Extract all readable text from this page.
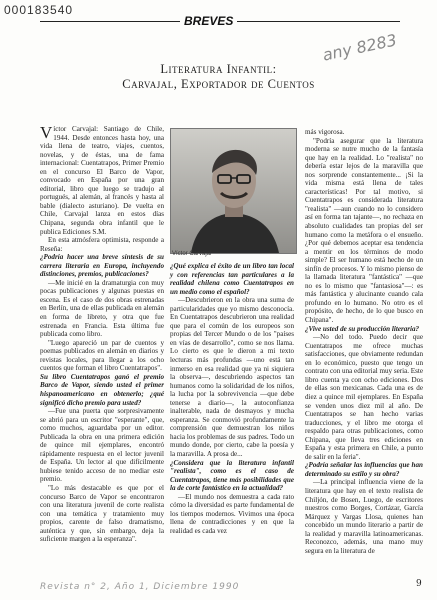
000183540
BREVES
any 8283
Literatura Infantil:
Carvajal, Exportador de Cuentos

Víctor Carvajal: Santiago de Chile, 1944. Desde entonces hasta hoy, una vida llena de teatro, viajes, cuentos, novelas, y de éstas, una de fama internacional: Cuentatrapos, Primer Premio en el concurso El Barco de Vapor, convocado en España por una gran editorial, libro que luego se tradujo al portugués, al alemán, al francés y hasta al bable (dialecto asturiano). De vuelta en Chile, Carvajal lanza en estos días Chipana, segunda obra infantil que le publica Ediciones S.M.

En esta atmósfera optimista, responde a Reseña:

¿Podría hacer una breve síntesis de su carrera literaria en Europa, incluyendo distinciones, premios, publicaciones?

—Me inicié en la dramaturgia con muy pocas publicaciones y algunas puestas en escena. Es el caso de dos obras estrenadas en Berlín, una de ellas publicada en alemán en forma de libreto, y otra que fue estrenada en Francia. Esta última fue publicada como libro.

"Luego apareció un par de cuentos y poemas publicados en alemán en diarios y revistas locales, para llegar a los ocho cuentos que forman el libro Cuentatrapos".

Su libro Cuentatrapos ganó el premio Barco de Vapor, siendo usted el primer hispanoamericano en obtenerlo; ¿qué significó dicho premio para usted?

—Fue una puerta que sorpresivamente se abrió para un escritor "esperante", que, como muchos, aguardaba por un editor. Publicada la obra en una primera edición de quince mil ejemplares, encontró rápidamente respuesta en el lector juvenil de España. Un lector al que difícilmente hubiese tenido acceso de no mediar este premio.

"Lo más destacable es que por el concurso Barco de Vapor se encontraron con una literatura juvenil de corte realista con una temática y tratamiento muy propios, carente de falso dramatismo, auténtica y que, sin embargo, deja la suficiente margen a la esperanza".

Víctor Carvajal

¿Qué explica el éxito de un libro tan local y con referencias tan particulares a la realidad chilena como Cuentatrapos en un medio como el español?

—Descubrieron en la obra una suma de particularidades que yo mismo desconocía. En Cuentatrapos descubrieron una realidad que para el común de los europeos son propias del Tercer Mundo o de los "países en vías de desarrollo", como se nos llama. Lo cierto es que le dieron a mi texto lecturas más profundas —uno está tan inmerso en esa realidad que ya ni siquiera la observa—, descubriendo aspectos tan humanos como la solidaridad de los niños, la lucha por la sobrevivencia —que debe tenerse a diario—, la autoconfianza inalterable, nada de desmayos y mucha esperanza. Se conmovió profundamente la comprensión que demuestran los niños hacia los problemas de sus padres. Todo un mundo donde, por cierto, cabe la poesía y la maravilla. A prosa de...

¿Considera que la literatura infantil "realista", como es el caso de Cuentatrapos, tiene más posibilidades que la de corte fantástico en la actualidad?

—El mundo nos demuestra a cada rato cómo la diversidad es parte fundamental de los tiempos modernos. Vivimos una época llena de contradicciones y en que la realidad es cada vez

más vigorosa.

"Podría asegurar que la literatura moderna se nutre mucho de la fantasía que hay en la realidad. Lo "realista" no debería estar lejos de la maravilla que nos sorprende constantemente... ¡Si la vida misma está llena de tales características! Por tal motivo, si Cuentatrapos es considerada literatura "realista" —aun cuando no lo considero así en forma tan tajante—, no rechaza en absoluto cualidades tan propias del ser humano como la metáfora o el ensueño. ¿Por qué debemos aceptar esa tendencia a mentir en los términos de modo simple? El ser humano está hecho de un sinfín de procesos. Y lo mismo pienso de la llamada literatura "fantástica" —que no es lo mismo que "fantasiosa"—: es más fantástica y alucinante cuando cala profundo en lo humano. No otro es el propósito, de hecho, de lo que busco en Chipana".

¿Vive usted de su producción literaria?

—No del todo. Puedo decir que Cuentatrapos me ofrece muchas satisfacciones, que obviamente redundan en lo económico, puesto que tengo un contrato con una editorial muy seria. Este libro cuenta ya con ocho ediciones. Dos de ellas son mexicanas. Cada una es de diez a quince mil ejemplares. En España se venden unos diez mil al año. De Cuentatrapos se han hecho varias traducciones, y el libro me otorga el respaldo para otras publicaciones, como Chipana, que lleva tres ediciones en España y esta primera en Chile, a punto de salir en la feria".

¿Podría señalar las influencias que han determinado su estilo y su obra?

—La principal influencia viene de la literatura que hay en el texto realista de Chiljón, de Bosen, Luego, de escritores nuestros como Borges, Cortázar, García Márquez y Vargas Llosa, quienes han concebido un mundo literario a partir de la realidad y maravilla latinoamericanas. Reconozco, además, una mano muy segura en la literatura de

Revista n° 2, Año 1, Diciembre 1990	9
